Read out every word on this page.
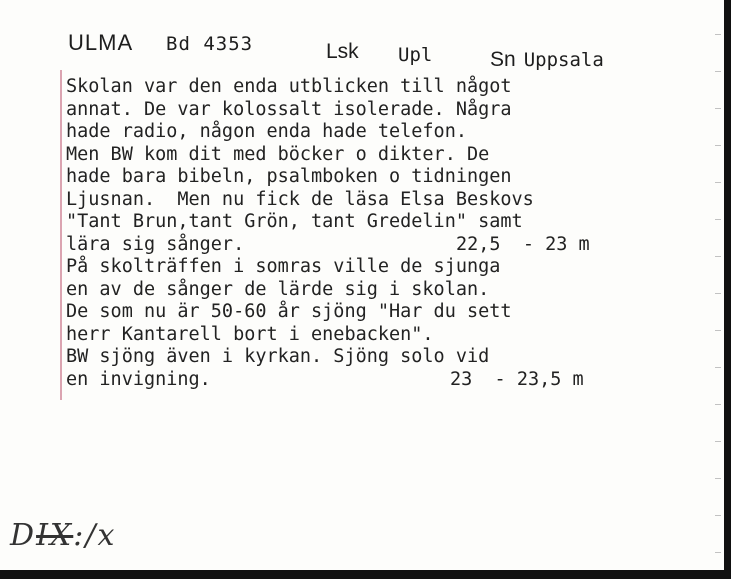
ULMA Bd 4353	Lsk Upl	Sn Uppsala
Skolan var den enda utblicken till något
annat. De var kolossalt isolerade. Några
hade radio, någon enda hade telefon.
Men BW kom dit med böcker o dikter. De
hade bara bibeln, psalmboken o tidningen
Ljusnan.  Men nu fick de läsa Elsa Beskovs
"Tant Brun,tant Grön, tant Gredelin" samt
lära sig sånger.	22,5  - 23 m
På skolträffen i somras ville de sjunga
en av de sånger de lärde sig i skolan.
De som nu är 50-60 år sjöng "Har du sett
herr Kantarell bort i enebacken".
BW sjöng även i kyrkan. Sjöng solo vid
en invigning.	23  - 23,5 m
DIX:/x
